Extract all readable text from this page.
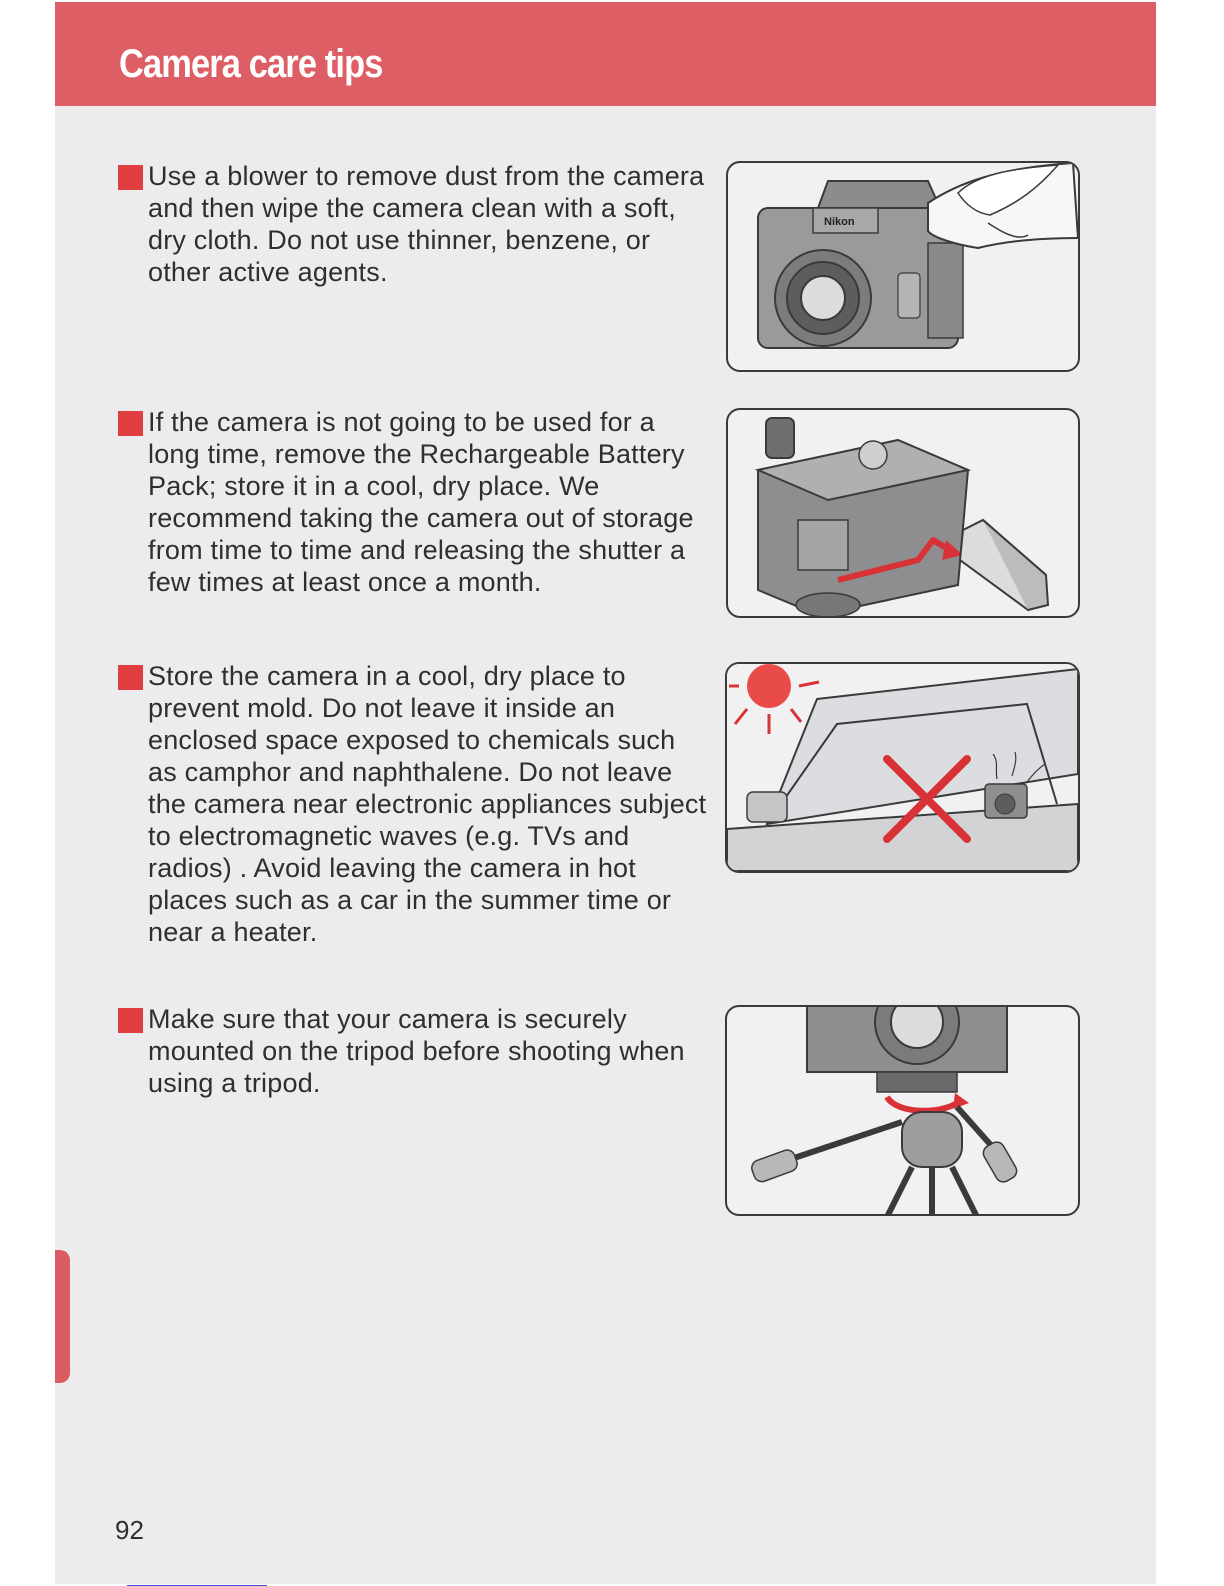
Camera care tips
Use a blower to remove dust from the camera and then wipe the camera clean with a soft, dry cloth. Do not use thinner, benzene, or other active agents.
Nikon
If the camera is not going to be used for a long time, remove the Rechargeable Battery Pack; store it in a cool, dry place. We recommend taking the camera out of storage from time to time and releasing the shutter a few times at least once a month.
Store the camera in a cool, dry place to prevent mold. Do not leave it inside an enclosed space exposed to chemicals such as camphor and naphthalene. Do not leave the camera near electronic appliances subject to electromagnetic waves (e.g. TVs and radios) . Avoid leaving the camera in hot places such as a car in the summer time or near a heater.
Make sure that your camera is securely mounted on the tripod before shooting when using a tripod.
92
